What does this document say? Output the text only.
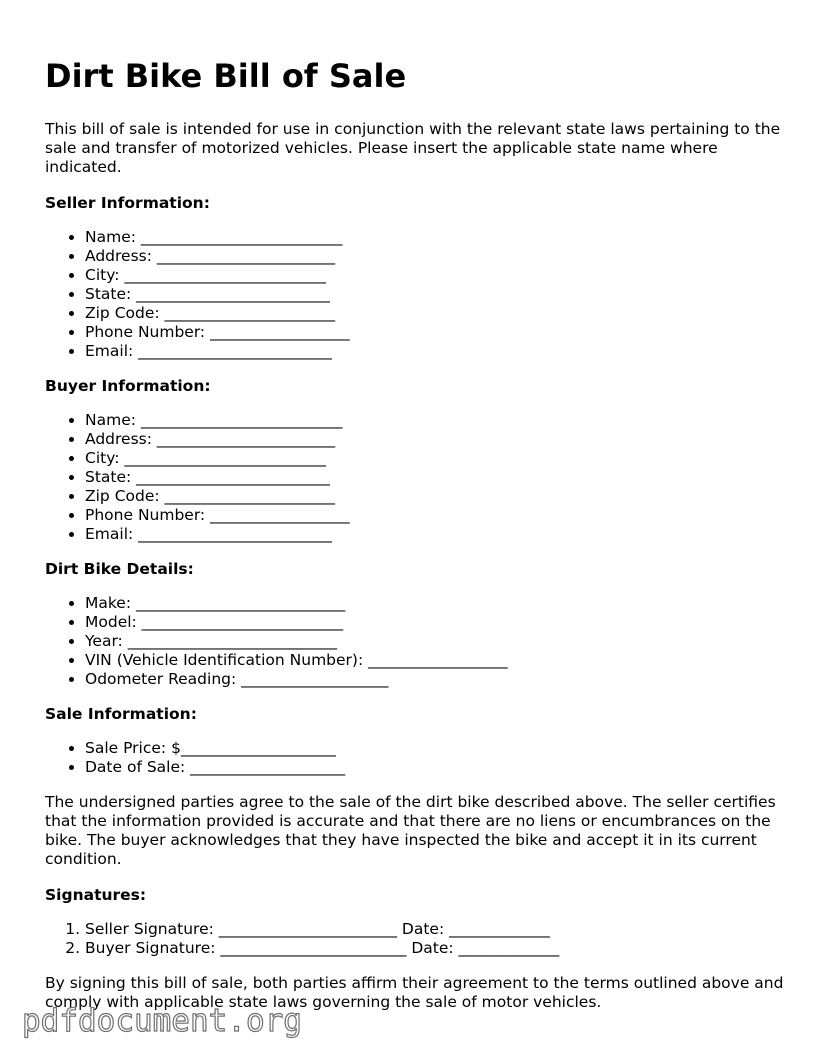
Dirt Bike Bill of Sale

This bill of sale is intended for use in conjunction with the relevant state laws pertaining to the sale and transfer of motorized vehicles. Please insert the applicable state name where indicated.

Seller Information:
• Name: __________________________
• Address: _______________________
• City: __________________________
• State: _________________________
• Zip Code: ______________________
• Phone Number: __________________
• Email: _________________________
Buyer Information:
• Name: __________________________
• Address: _______________________
• City: __________________________
• State: _________________________
• Zip Code: ______________________
• Phone Number: __________________
• Email: _________________________
Dirt Bike Details:
• Make: ___________________________
• Model: __________________________
• Year: ___________________________
• VIN (Vehicle Identification Number): __________________
• Odometer Reading: ___________________
Sale Information:
• Sale Price: $____________________
• Date of Sale: ____________________

The undersigned parties agree to the sale of the dirt bike described above. The seller certifies that the information provided is accurate and that there are no liens or encumbrances on the bike. The buyer acknowledges that they have inspected the bike and accept it in its current condition.

Signatures:
1. Seller Signature: _______________________ Date: _____________
2. Buyer Signature: ________________________ Date: _____________

By signing this bill of sale, both parties affirm their agreement to the terms outlined above and comply with applicable state laws governing the sale of motor vehicles.

pdfdocument.org
